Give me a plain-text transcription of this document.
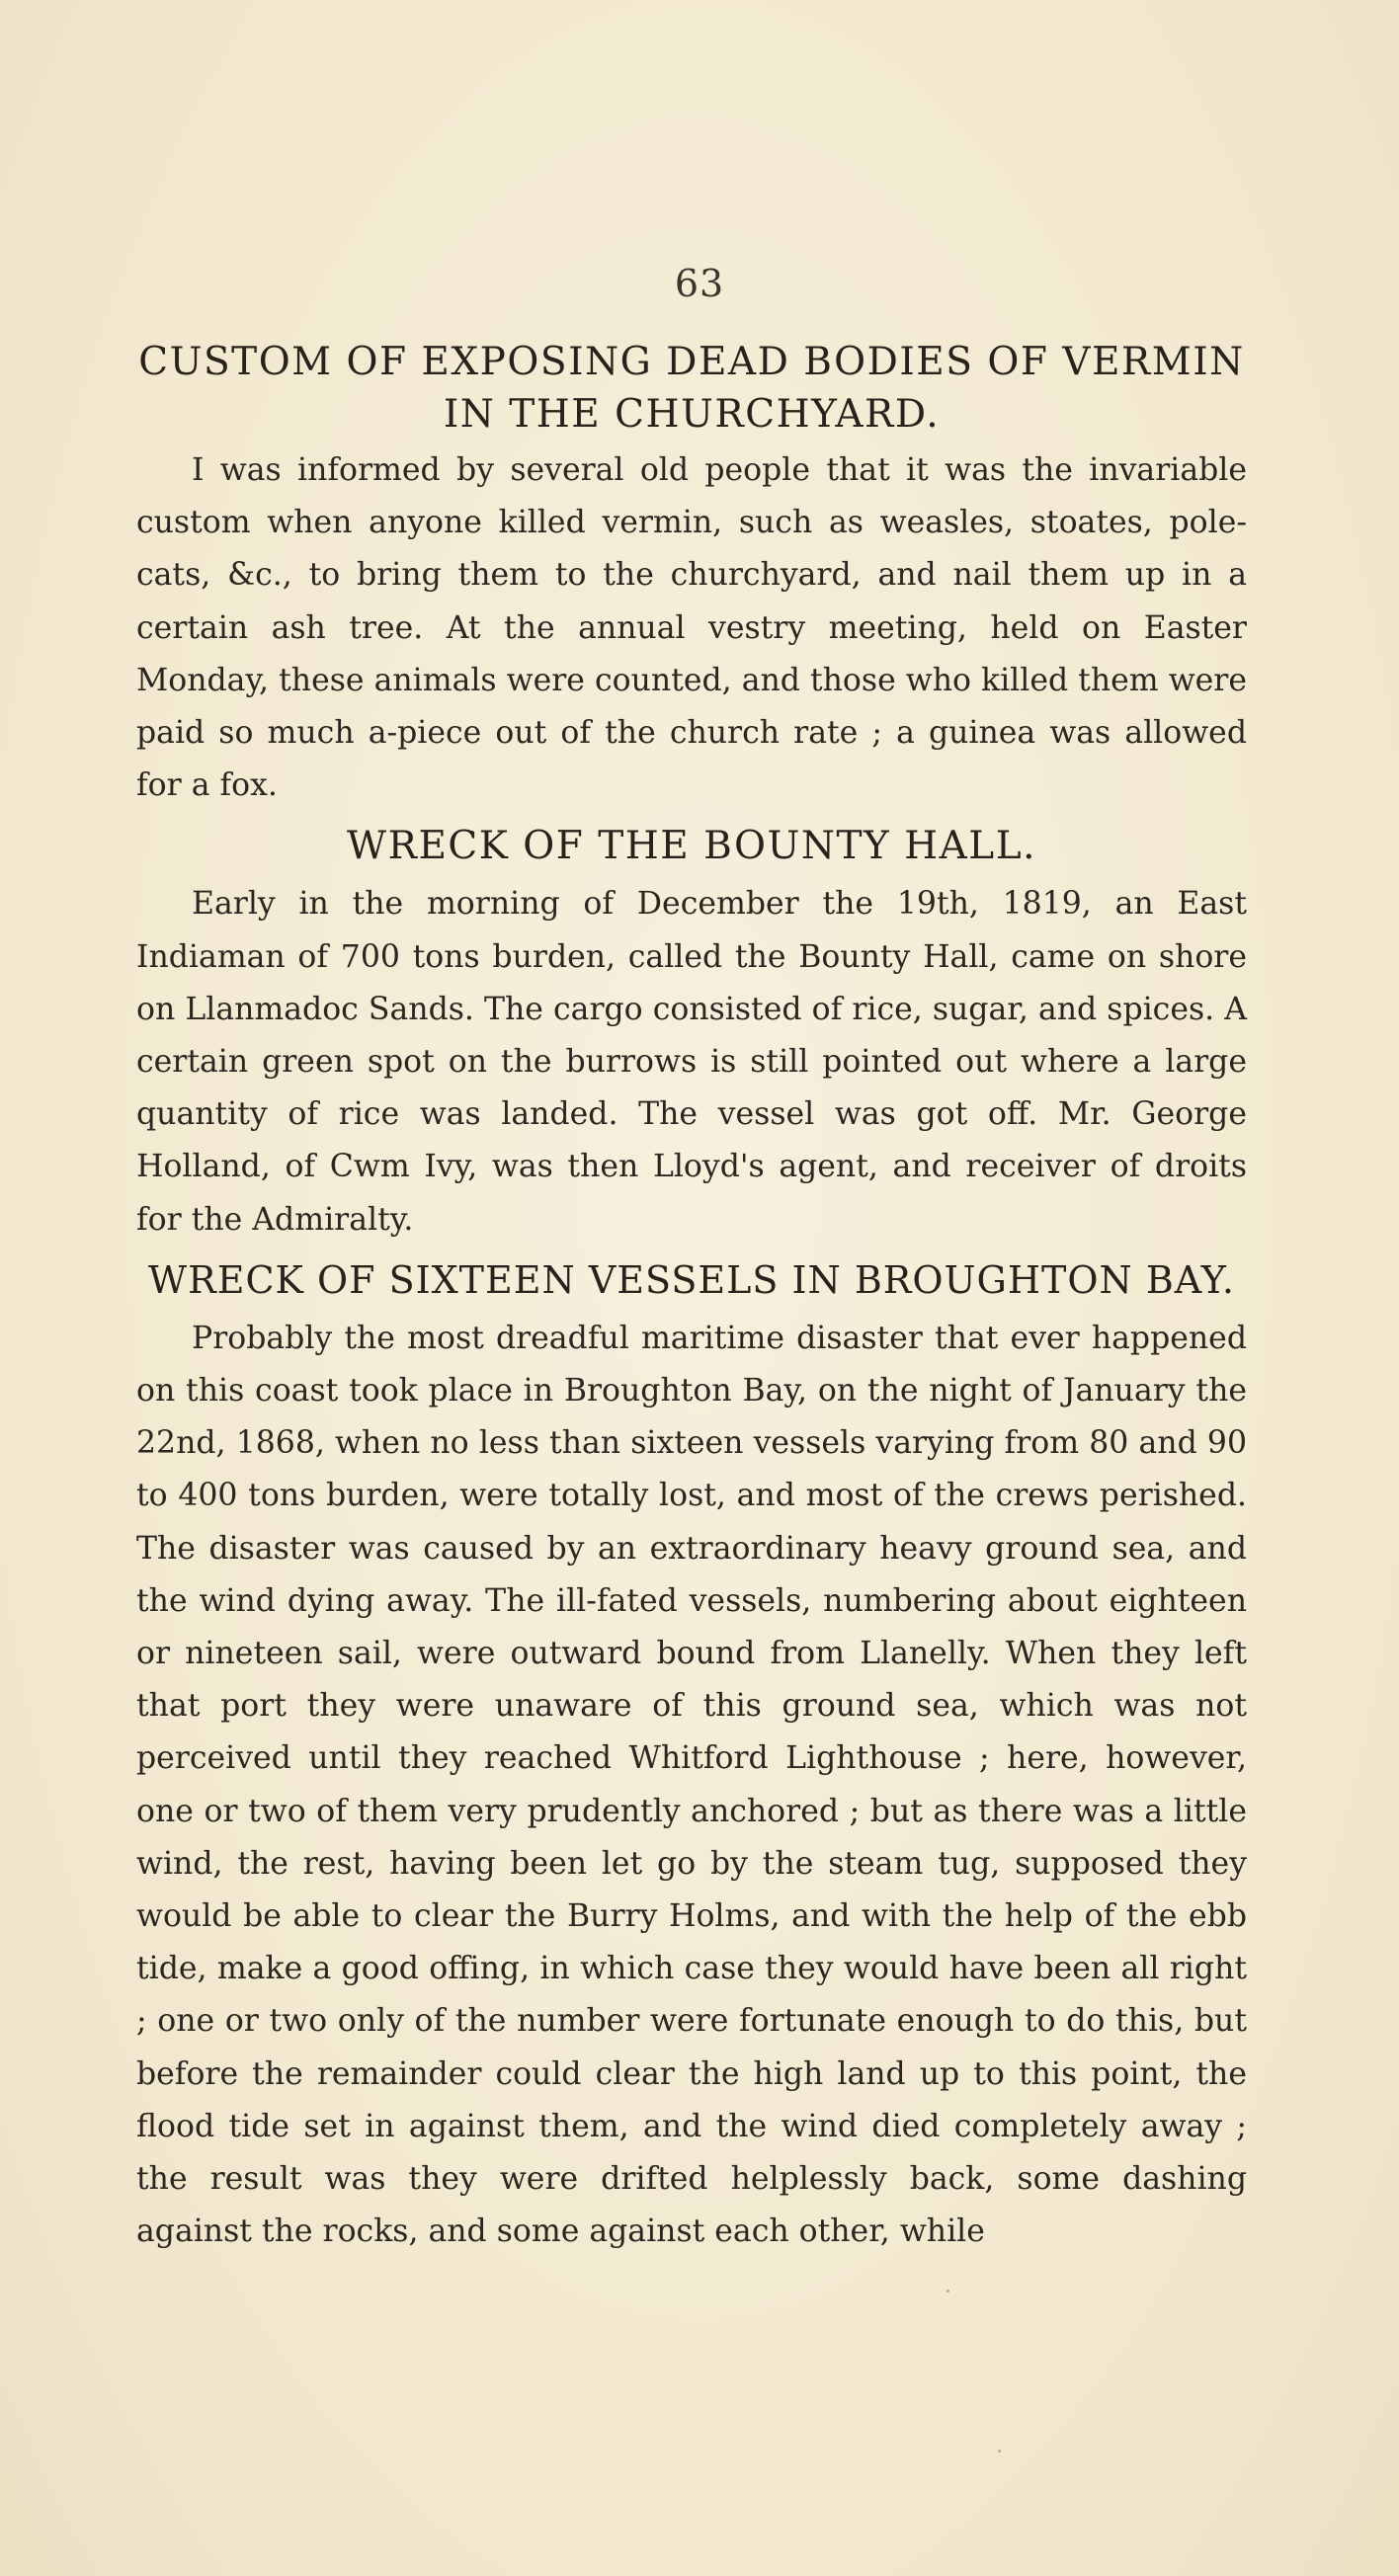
63
CUSTOM OF EXPOSING DEAD BODIES OF VERMIN IN THE CHURCHYARD.

I was informed by several old people that it was the invariable custom when anyone killed vermin, such as weasles, stoates, pole-cats, &c., to bring them to the churchyard, and nail them up in a certain ash tree. At the annual vestry meeting, held on Easter Monday, these animals were counted, and those who killed them were paid so much a-piece out of the church rate ; a guinea was allowed for a fox.

WRECK OF THE BOUNTY HALL.

Early in the morning of December the 19th, 1819, an East Indiaman of 700 tons burden, called the Bounty Hall, came on shore on Llanmadoc Sands. The cargo consisted of rice, sugar, and spices. A certain green spot on the burrows is still pointed out where a large quantity of rice was landed. The vessel was got off. Mr. George Holland, of Cwm Ivy, was then Lloyd's agent, and receiver of droits for the Admiralty.

WRECK OF SIXTEEN VESSELS IN BROUGHTON BAY.

Probably the most dreadful maritime disaster that ever happened on this coast took place in Broughton Bay, on the night of January the 22nd, 1868, when no less than sixteen vessels varying from 80 and 90 to 400 tons burden, were totally lost, and most of the crews perished. The disaster was caused by an extraordinary heavy ground sea, and the wind dying away. The ill-fated vessels, numbering about eighteen or nineteen sail, were outward bound from Llanelly. When they left that port they were unaware of this ground sea, which was not perceived until they reached Whitford Lighthouse ; here, however, one or two of them very prudently anchored ; but as there was a little wind, the rest, having been let go by the steam tug, supposed they would be able to clear the Burry Holms, and with the help of the ebb tide, make a good offing, in which case they would have been all right ; one or two only of the number were fortunate enough to do this, but before the remainder could clear the high land up to this point, the flood tide set in against them, and the wind died completely away ; the result was they were drifted helplessly back, some dashing against the rocks, and some against each other, while
